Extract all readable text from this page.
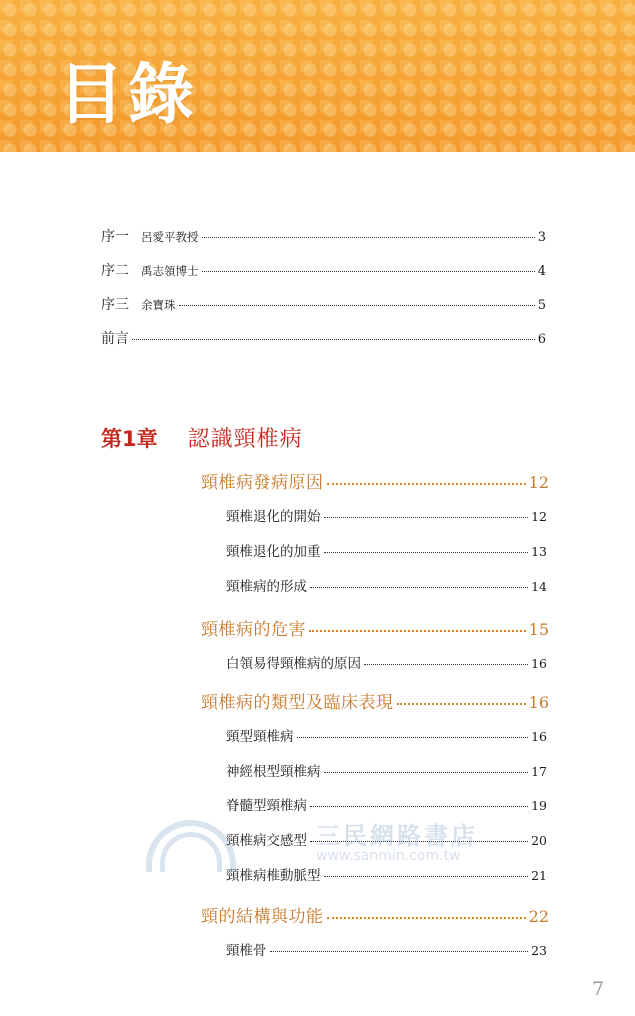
目錄
序一 呂愛平教授	3
序二 禹志領博士	4
序三 余寶珠	5
前言	6
第1章 認識頸椎病
頸椎病發病原因	12
頸椎退化的開始	12
頸椎退化的加重	13
頸椎病的形成	14
頸椎病的危害	15
白領易得頸椎病的原因	16
頸椎病的類型及臨床表現	16
頸型頸椎病	16
神經根型頸椎病	17
脊髓型頸椎病	19
頸椎病交感型	20
頸椎病椎動脈型	21
頸的結構與功能	22
頸椎骨	23
三民網路書店
www.sanmin.com.tw
7
